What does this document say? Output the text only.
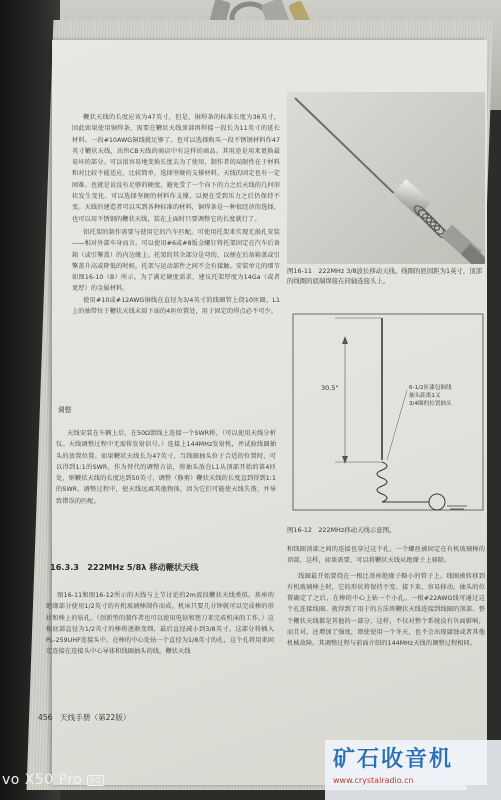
鞭状天线的长度应该为47英寸，但是，铜焊条的标准长度为36英寸，因此如果使用铜焊条，需要在鞭状天线顶部再焊接一段长为11英寸的延长材料。一段#10AWG铜线就足够了。也可以选择购买一段不锈钢材料作47英寸鞭状天线，出售CB天线的商店中有这样的商品。其用途是用来更换最易坏的部分。可以很容易地变换长度去为了使用，制作者的局限性在于材料和对比较不能适应，比较简单，选择坚硬的支撑材料，天线的固定也有一定困难。也就是说没有足够的硬度，避免受了一个向下的力之后天线的几何形状发生变化。可以选择坚硬的材料作支撑，以便在受到压力之后仍保持不变。天线的建造者可以买到各种标准的材料，铜焊条是一种很经济的选择，也可以用不锈钢的鞭状天线，装在上面时只要调整它的长度就行了。

铝托架的制作需要与使用它的汽车匹配。可使用托架来实现无损孔安装——相对外部车身而言。可以使用#6或#8钣金螺钉将托架固定在汽车后备箱（或引擎盖）的内边缘上。托架的其余部分是弯的，以便在后备箱盖或引擎盖升高或降低的时候，托架与运动部件之间不会有接触。安装单元的细节如图16-10（B）所示。为了满足硬度需求，建议托架厚度为14Ga（或者更厚）的金属材料。

使用#10或#12AWG铜线在直径为3/4英寸的线圈管上绕10匝圈，L1上的抽带位于鞭状天线末端下面的4匝位置处，用于固定的焊点必不可少。

调整

天线安装在车辆上后，在50Ω馈线上连接一个SWR桥。（可以使用天线分析仪。天线调整过程中无需传发射信号。）连接上144MHz发射机，并试验线圈抽头的放置位置。如果鞭状天线长为47英寸，当线圈抽头位于合适的位置时，可以得到1:1的SWR。作为替代的调整方法，将抽头放在L1从顶部开始的第4匝处，则鞭状天线的长度达到50英寸，调整（修剪）鞭状天线的长度直到得到1:1的SWR。调整过程中，使天线远离其他物体，因为它们可能使天线失谐，并导致错误的匹配。

16.3.3　222MHz 5/8λ 移动鞭状天线

图16-11和图16-12所示的天线与上节讨论的2m波段鞭状天线类似。基座的绝缘部分使用1/2英寸的有机玻璃棒制作而成。机床只要几分钟就可以完成棒的形状和棒上的钻孔。（创新型的制作者也可以使用电钻和锉刀来完成机床的工作。）这根底部直径为1/2英寸的棒将逐渐变细，最后直径减小到3/8英寸。这部分将插入PL-259UHF连接头中。在棒的中心处钻一个直径为1/8英寸的孔，这个孔将用来固定连接在连接头中心导体和线圈抽头的线。鞭状天线

456　天线手册（第22版）
图16-11　222MHz 3/8波长移动天线。线圈的匝间距为1英寸，顶部的线圈的底端焊接在同轴连接头上。
30.5"	6-1/2匝漆包铜线
抽头距离1又
3/4圈的位置抽头
图16-12　222MHz移动天线示意图。

和线圈顶部之间的连接也穿过这个孔。一个螺丝被固定在有机玻璃棒的顶部，这样，如果需要，可以将鞭状天线从绝缘子上移除。

线圈最开始要绕在一根比基座绝缘子略小的管子上。线圈被转移到有机玻璃棒上时，它的形状将保持不变。接下来，容易移动。抽头的位置确定了之后，在棒的中心上钻一个小孔。一根#22AWG线可通过这个孔连接线圈。就得到了用于的方法将鞭状天线连接到线圈的顶部。整个鞭状天线都是其他的一部分，这样，不仅对整个系统没有负面影响，而且对，还增加了强度，即使使用一个冬天，也不会出现腐蚀或者其他机械故障。其调整过程与前面介绍的144MHz天线的调整过程相同。

矿石收音机
www.crystalradio.cn
vo X50 Pro 5G
